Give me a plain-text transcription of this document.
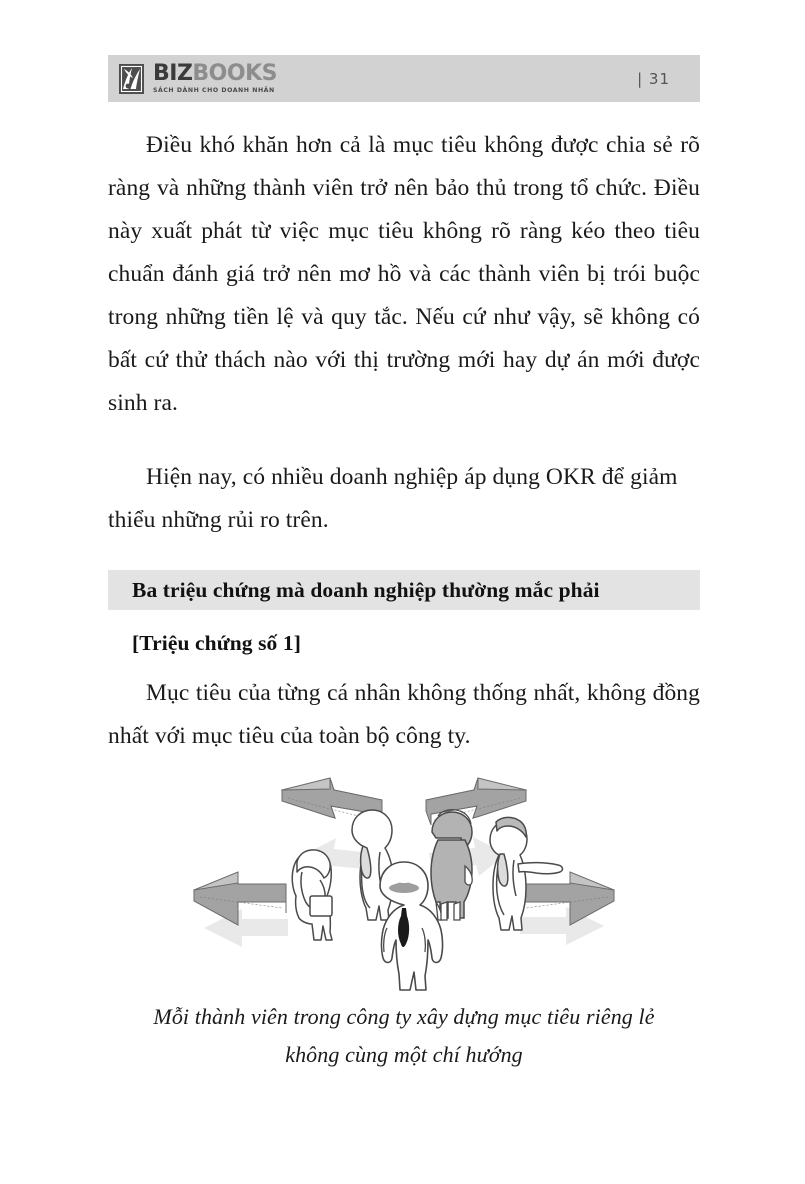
BIZBOOKS
SÁCH DÀNH CHO DOANH NHÂN
| 31

Điều khó khăn hơn cả là mục tiêu không được chia sẻ rõ ràng và những thành viên trở nên bảo thủ trong tổ chức. Điều này xuất phát từ việc mục tiêu không rõ ràng kéo theo tiêu chuẩn đánh giá trở nên mơ hồ và các thành viên bị trói buộc trong những tiền lệ và quy tắc. Nếu cứ như vậy, sẽ không có bất cứ thử thách nào với thị trường mới hay dự án mới được sinh ra.

Hiện nay, có nhiều doanh nghiệp áp dụng OKR để giảm thiểu những rủi ro trên.

Ba triệu chứng mà doanh nghiệp thường mắc phải
[Triệu chứng số 1]

Mục tiêu của từng cá nhân không thống nhất, không đồng nhất với mục tiêu của toàn bộ công ty.

Mỗi thành viên trong công ty xây dựng mục tiêu riêng lẻ
không cùng một chí hướng
